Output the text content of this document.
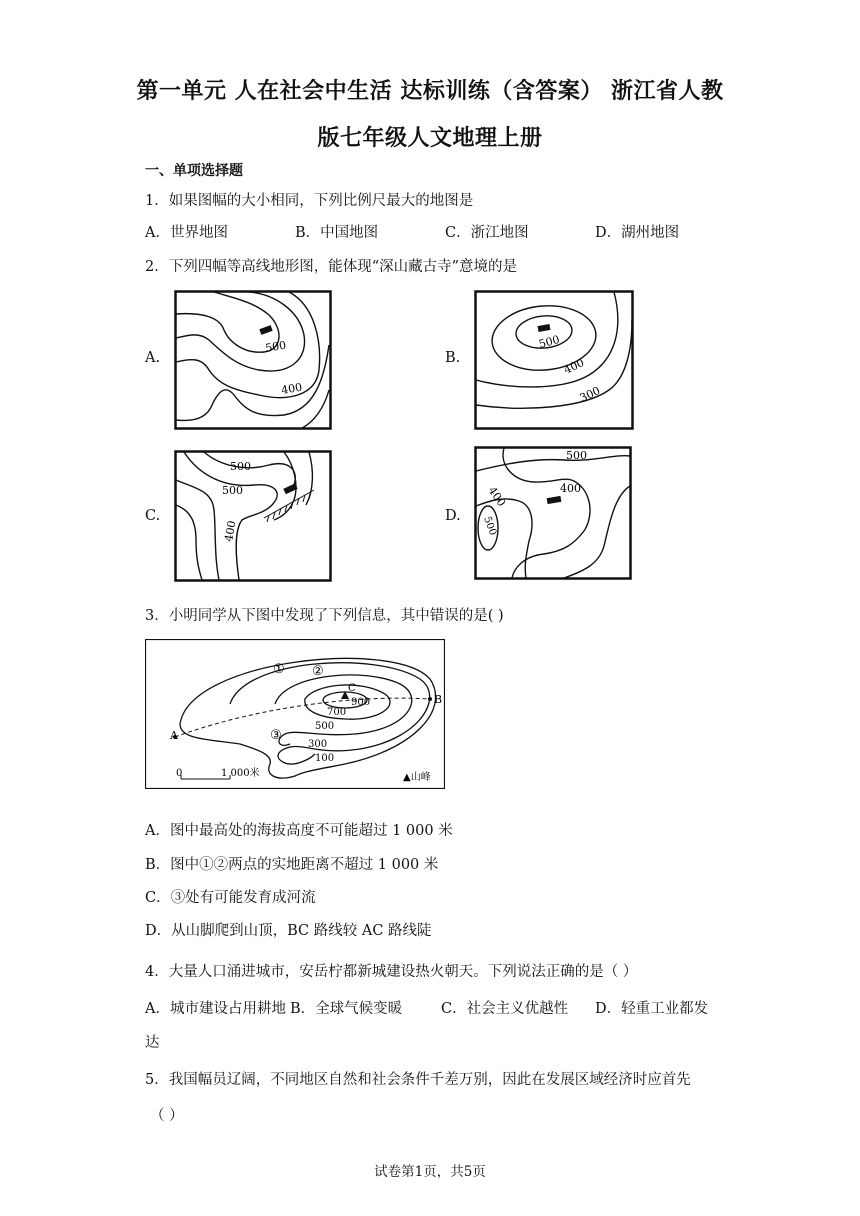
第一单元 人在社会中生活 达标训练（含答案） 浙江省人教
版七年级人文地理上册
一、单项选择题
1．如果图幅的大小相同，下列比例尺最大的地图是
A．世界地图	B．中国地图	C．浙江地图	D．湖州地图
2．下列四幅等高线地形图，能体现“深山藏古寺”意境的是
A.	B.
C.	D.
500
400
500
400
300
500
500
400
500
400	400
500
3．小明同学从下图中发现了下列信息，其中错误的是( )
A
B
C
① ②
③
900
700
500
300
100
0	1 000米	▲山峰
A．图中最高处的海拔高度不可能超过 1 000 米
B．图中①②两点的实地距离不超过 1 000 米
C．③处有可能发育成河流
D．从山脚爬到山顶，BC 路线较 AC 路线陡
4．大量人口涌进城市，安岳柠都新城建设热火朝天。下列说法正确的是（ ）
A．城市建设占用耕地 B．全球气候变暖	C．社会主义优越性 D．轻重工业都发
达
5．我国幅员辽阔，不同地区自然和社会条件千差万别，因此在发展区域经济时应首先
（ ）
试卷第1页，共5页
